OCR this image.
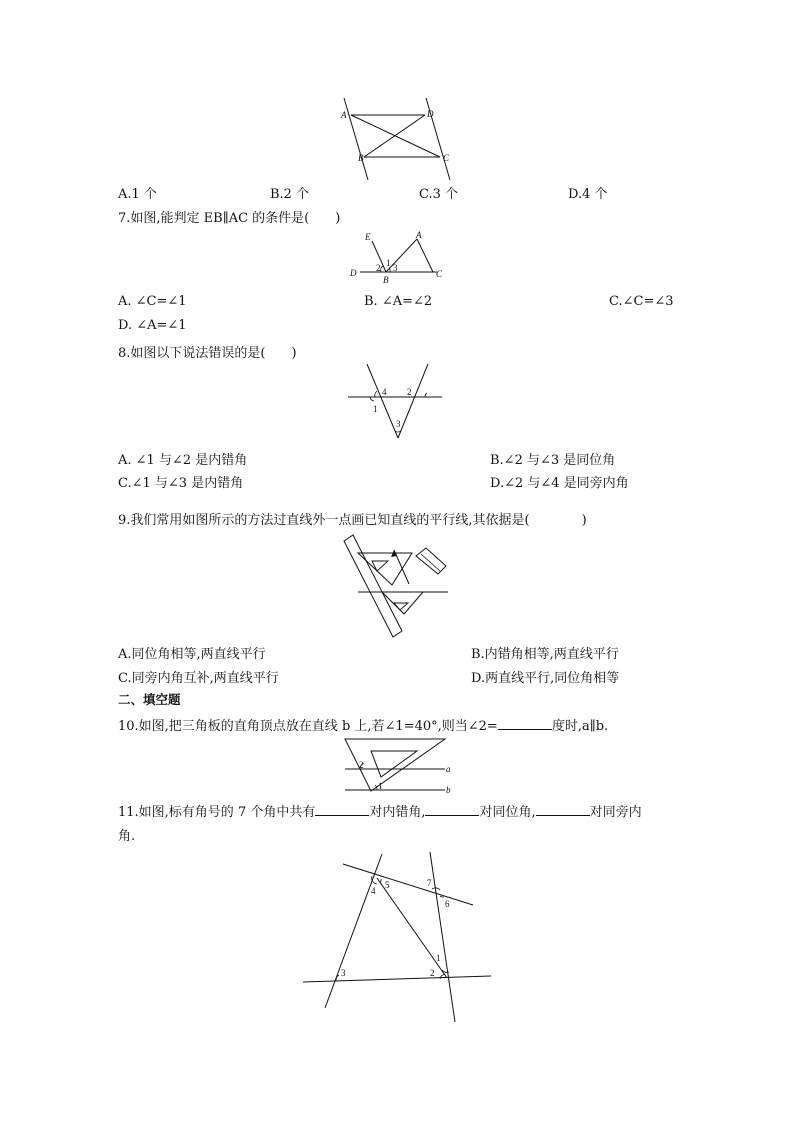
A	D
B	C
A.1 个	B.2 个	C.3 个	D.4 个
7.如图,能判定 EB∥AC 的条件是(　　)
E	A
D
B
C
1
2 3
A. ∠C=∠1	B. ∠A=∠2	C.∠C=∠3
D. ∠A=∠1
8.如图以下说法错误的是(　　)
4 2
1
3
A. ∠1 与∠2 是内错角	B.∠2 与∠3 是同位角
C.∠1 与∠3 是内错角	D.∠2 与∠4 是同旁内角
9.我们常用如图所示的方法过直线外一点画已知直线的平行线,其依据是(　　　　)
A.同位角相等,两直线平行	B.内错角相等,两直线平行
C.同旁内角互补,两直线平行	D.两直线平行,同位角相等
二、填空题
10.如图,把三角板的直角顶点放在直线 b 上,若∠1=40°,则当∠2=	度时,a∥b.
2
1
a
b
11.如图,标有角号的 7 个角中共有	对内错角,	对同位角,	对同旁内
角.
4
5	7
6
1
2
3
